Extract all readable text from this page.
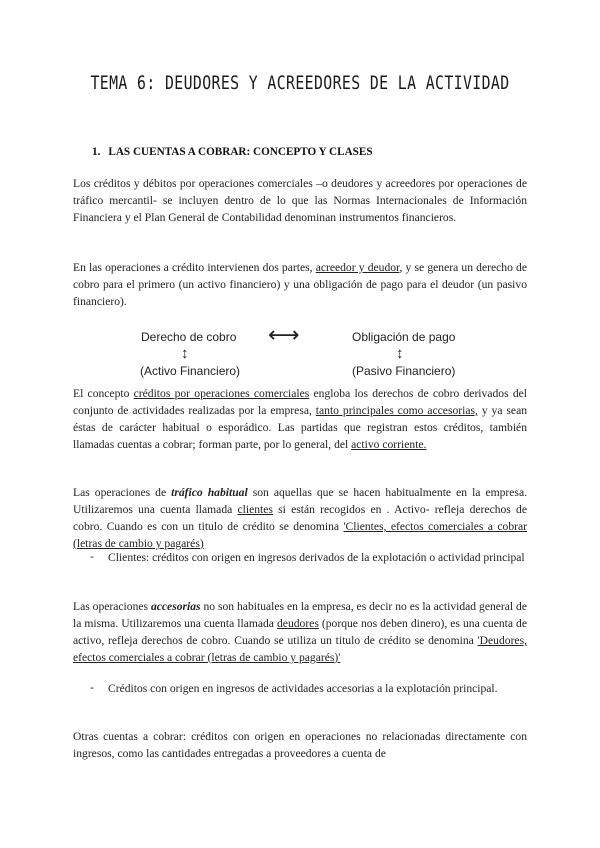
TEMA 6: DEUDORES Y ACREEDORES DE LA ACTIVIDAD
1. LAS CUENTAS A COBRAR: CONCEPTO Y CLASES
Los créditos y débitos por operaciones comerciales –o deudores y acreedores por operaciones de tráfico mercantil- se incluyen dentro de lo que las Normas Internacionales de Información Financiera y el Plan General de Contabilidad denominan instrumentos financieros.
En las operaciones a crédito intervienen dos partes, acreedor y deudor, y se genera un derecho de cobro para el primero (un activo financiero) y una obligación de pago para el deudor (un pasivo financiero).
Derecho de cobro ⟷	Obligación de pago
↕	↕
(Activo Financiero)	(Pasivo Financiero)
El concepto créditos por operaciones comerciales engloba los derechos de cobro derivados del conjunto de actividades realizadas por la empresa, tanto principales como accesorias, y ya sean éstas de carácter habitual o esporádico. Las partidas que registran estos créditos, también llamadas cuentas a cobrar; forman parte, por lo general, del activo corriente.
Las operaciones de tráfico habitual son aquellas que se hacen habitualmente en la empresa. Utilizaremos una cuenta llamada clientes si están recogidos en . Activo- refleja derechos de cobro. Cuando es con un titulo de crédito se denomina 'Clientes, efectos comerciales a cobrar (letras de cambio y pagarés)
- Clientes: créditos con origen en ingresos derivados de la explotación o actividad principal
Las operaciones accesorias no son habituales en la empresa, es decir no es la actividad general de la misma. Utilizaremos una cuenta llamada deudores (porque nos deben dinero), es una cuenta de activo, refleja derechos de cobro. Cuando se utiliza un titulo de crédito se denomina 'Deudores, efectos comerciales a cobrar (letras de cambio y pagarés)'
- Créditos con origen en ingresos de actividades accesorias a la explotación principal.
Otras cuentas a cobrar: créditos con origen en operaciones no relacionadas directamente con ingresos, como las cantidades entregadas a proveedores a cuenta de
